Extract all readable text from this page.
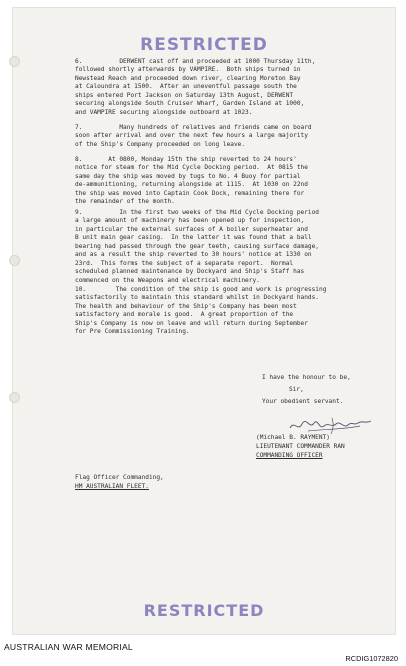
RESTRICTED

6.          DERWENT cast off and proceeded at 1000 Thursday 11th,
followed shortly afterwards by VAMPIRE.  Both ships turned in
Newstead Reach and proceeded down river, clearing Moreton Bay
at Caloundra at 1500.  After an uneventful passage south the
ships entered Port Jackson on Saturday 13th August, DERWENT
securing alongside South Cruiser Wharf, Garden Island at 1000,
and VAMPIRE securing alongside outboard at 1023.

7.          Many hundreds of relatives and friends came on board
soon after arrival and over the next few hours a large majority
of the Ship's Company proceeded on long leave.

8.       At 0800, Monday 15th the ship reverted to 24 hours'
notice for steam for the Mid Cycle Docking period.  At 0815 the
same day the ship was moved by tugs to No. 4 Buoy for partial
de-ammunitioning, returning alongside at 1115.  At 1030 on 22nd
the ship was moved into Captain Cook Dock, remaining there for
the remainder of the month.

9.          In the first two weeks of the Mid Cycle Docking period
a large amount of machinery has been opened up for inspection,
in particular the external surfaces of A boiler superheater and
B unit main gear casing.  In the latter it was found that a ball
bearing had passed through the gear teeth, causing surface damage,
and as a result the ship reverted to 30 hours' notice at 1330 on
23rd.  This forms the subject of a separate report.  Normal
scheduled planned maintenance by Dockyard and Ship's Staff has
commenced on the Weapons and electrical machinery.

10.        The condition of the ship is good and work is progressing
satisfactorily to maintain this standard whilst in Dockyard hands.
The health and behaviour of the Ship's Company has been most
satisfactory and morale is good.  A great proportion of the
Ship's Company is now on leave and will return during September
for Pre Commissioning Training.

I have the honour to be,

Sir,

Your obedient servant.

(Michael B. RAYMENT)

LIEUTENANT COMMANDER RAN

COMMANDING OFFICER

Flag Officer Commanding,

HM AUSTRALIAN FLEET.

RESTRICTED
AUSTRALIAN WAR MEMORIAL
RCDIG1072820
